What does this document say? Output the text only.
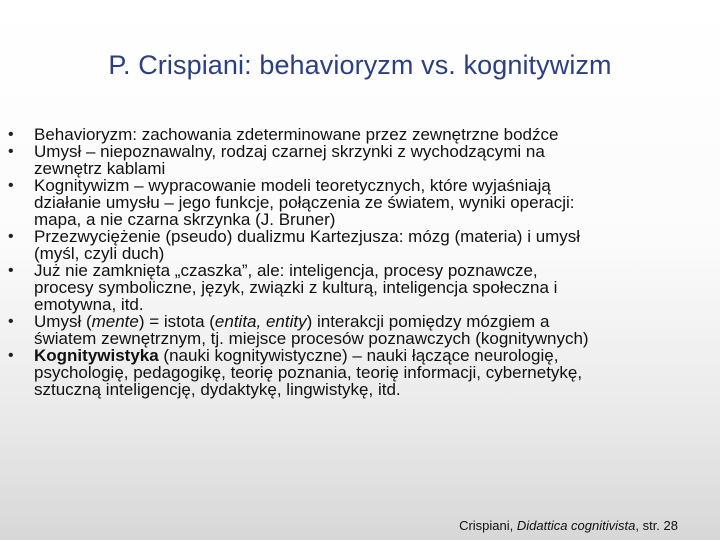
P. Crispiani: behavioryzm vs. kognitywizm
• Behavioryzm: zachowania zdeterminowane przez zewnętrzne bodźce
• Umysł – niepoznawalny, rodzaj czarnej skrzynki z wychodzącymi na
zewnętrz kablami
• Kognitywizm – wypracowanie modeli teoretycznych, które wyjaśniają
działanie umysłu – jego funkcje, połączenia ze światem, wyniki operacji:
mapa, a nie czarna skrzynka (J. Bruner)
• Przezwyciężenie (pseudo) dualizmu Kartezjusza: mózg (materia) i umysł
(myśl, czyli duch)
• Już nie zamknięta „czaszka”, ale: inteligencja, procesy poznawcze,
procesy symboliczne, język, związki z kulturą, inteligencja społeczna i
emotywna, itd.
• Umysł (mente) = istota (entita, entity) interakcji pomiędzy mózgiem a
światem zewnętrznym, tj. miejsce procesów poznawczych (kognitywnych)
• Kognitywistyka (nauki kognitywistyczne) – nauki łączące neurologię,
psychologię, pedagogikę, teorię poznania, teorię informacji, cybernetykę,
sztuczną inteligencję, dydaktykę, lingwistykę, itd.
Crispiani, Didattica cognitivista, str. 28
